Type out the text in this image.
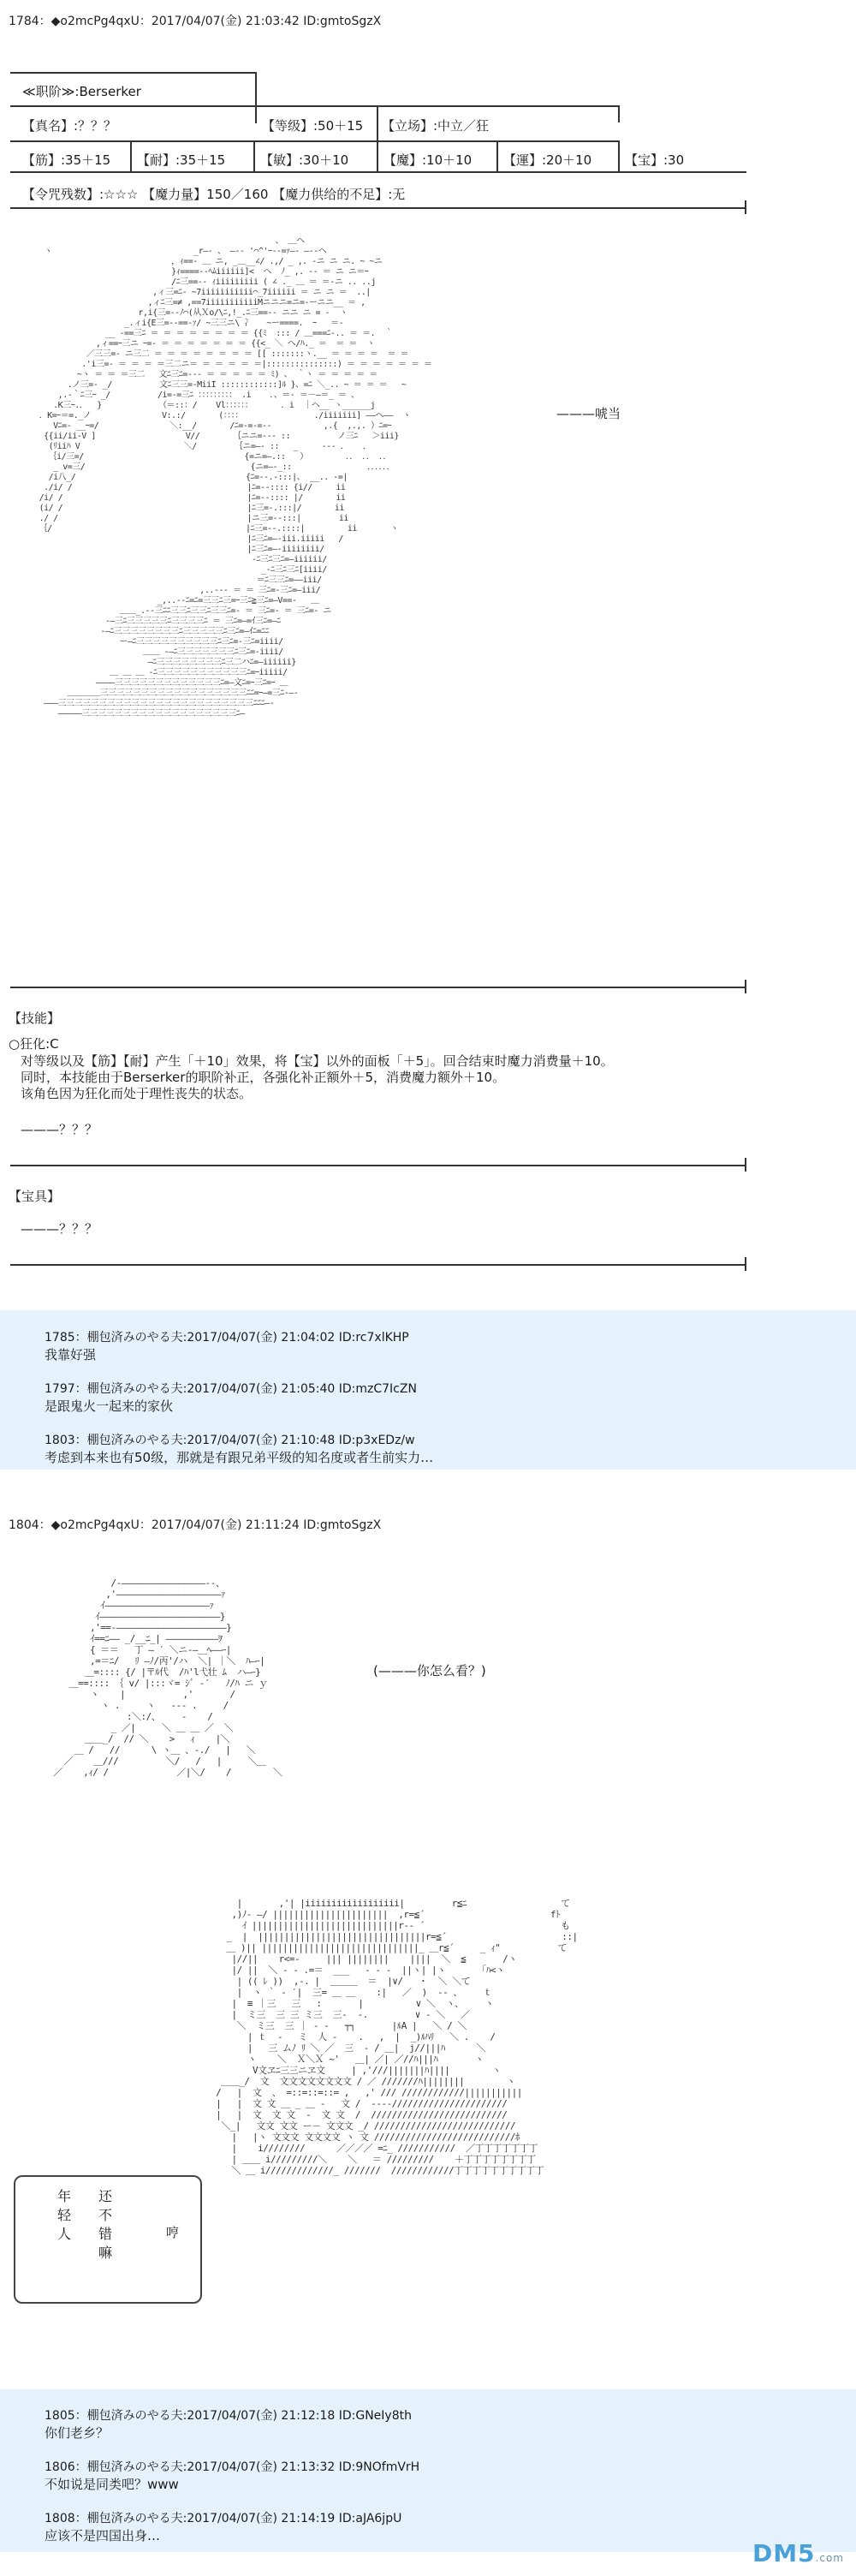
1784：◆o2mcPg4qxU：2017/04/07(金) 21:03:42 ID:gmtoSgzX
≪职阶≫:Berserker
【真名】:？？？	【等级】:50＋15 【立场】:中立／狂
【筋】:35＋15 【耐】:35＋15	【敏】:30＋10	【魔】:10＋10 【運】:20＋10	【宝】:30
【令咒残数】:☆☆☆ 【魔力量】150／160 【魔力供给的不足】:无
、 ＿ヘ
ヽ                              _r―‐ 、 ―‐‐ '⌒^'ｰ‐-=ｧ―- ―‐‐ヘ
，ｨ==‐ ＿ ニ, _＿__∠/ .,/ _ ,. ‐ニ ニ ニ. ~ ~ニ
}ｨ====‐-ﾍﾑiiiiii]<  へ  ﾉ_ ,. -‐ ＝ ニ ニ＝ｰ
/ﾆ三==-‐ ｨiiiiiiiii ( ∠ ._ ＿ ＝ ＝‐ニ .. ..j
,ィ三=ﾆ‐ ~7iiiiiiiiiii⌒_7iiiiii ＝ ニ ニ ＝  ..|
,ィﾆ三=≠ ,==7iiiiiiiiiiiMニニニ=ニ=‐ーニニ__ ＝ ,
r,i{三=-‐ﾉ⌒(从Ｘo/\ﾆ,!_.ﾆ三==-‐ ニニ ニ = ‐  ヽ
_.ィi{E三=-‐==-ｧ/ ~三三ニ\ 冫   ~ー====.  ｰ   ＝‐
__ -==三ﾆ ＝ ＝ ＝ ＝ ＝ ＝ ＝ ＝ {{ﾐ  ::: / ＿===ﾆ‐.. ＝ ＝.  ｀
,ィ==ｰ三ニ ｰ=‐ ＝ ＝ ＝ ＝ ＝ ＝ ＝ {{<_ ＼ ヘ/ﾊ._ ＝  ＝ ＝  ヽ
／三三=‐ ニ三二 ＝ ＝ ＝ ＝ ＝ ＝ ＝ ＝ [[ :::::::ヽ.__ ＝ ＝ ＝ ＝  ＝ ＝
.'i三=‐ ＝ ＝ ＝ ＝三二ニ＝ ＝ ＝ ＝ ＝ ＝|:::::::::::::::) ＝ ＝ ＝ ＝ ＝ ＝ ＝
~ヽ ＝ ＝ ＝三二   文ﾆ三ﾆ=-‐- ＝ ＝ ＝ ＝ ＝ ﾐ) 、 ｀ヽ ＝ ＝ ＝ ＝ ＝
.ノ三=‐ _/          文ﾆ三三=‐MiiI ::::::::::::]ﾙ }、=ﾆ ＼_.. ~ ＝ ＝ ＝   ~
,.-｀ﾆ三ｰ _/          /i=-=三ﾆ ：：：：：：：：： .i    ．、＝‐ ＝－―＝_ ＝ 、
.K三ｰ.．  }            （＝::：/    Vl：：：：：：      ．i  ｜ヘ__ ヽ______j
．K=ｰ＝=._ノ               V:.:/       (：：：：               ./iiiiiii] ――ヘ――  ヽ
Vﾆ=‐ __ｰ=/               ＼:__/       /ﾆ=‐=‐=‐-           ,.{  ,.,. ）ﾆ=ｰ
{{ii/ii-V ]                   V//       ｛ニニ=-‐- ::          ノ三ﾆ   ＞iii}
(ﾘiiﾊ V                      ＼/        ｛ニ=―‐ ::   _     ‐‐- ．   ．
｛i/三=/                                  {=ニ=―.::   ）        ．． ．． ．．
_ v=三/                                   {ニ=―‐_::                ．．．．．．
/i八_/                                    {ﾆ=--.-:::|、 __.. -=|
./i/ /                                     |ﾆ=--:::: {i//     ii
/i/ /                                       |ﾆ=--:::: |/       ii
(i/ /                                       |ﾆ三=-.:::|/       ii
./ /                                        |ニ三=--:::|        ii
｛/                                         |ﾆ三=--.::::|         ii       ヽ
|ﾆ三ﾆ=―‐iii.iiiii   /
|ﾆ三ﾆ=―‐iiiiiiii/
‐ﾆ三ﾆ三ﾆ=―iiiiii/
_-ﾆ三ﾆ三ﾆ[iiii/
＝ﾆ三三ﾆ=――iii/
,..--‐ ＝ ＝ 三ﾆ=‐三ﾆ=―iii/
_,..-‐ﾆ=ﾆ=三三ﾆ三=ｰ三ﾆ≧三ﾆ=―V==-   ＿
＿＿_.--三ﾆﾆ三三ﾆ三三ﾆ三三ﾆ=‐ ＝ 三ﾆ=‐ ＝ 三ﾆ=‐ ニ
-―三ﾆ三三三三三ﾆ三三三三ﾆ ＝ 三ﾆ=―=ｲ三ﾆ=―ﾆ
‐―ﾆ三三三三三三三三ﾆ三三三三三ﾆ三ﾆ=―ｲﾆ=ﾆﾆ
ー―ﾆ三三三三三三三三三三ﾆ三ﾆ=‐三ﾆ=iiii/
＿＿ ‐―ﾆ三三三三三三三ﾆ三ﾆ=‐iiii/
―ﾆ三三三三三三三三ﾆ三二ハﾆ=―iiiiii}
＿ ＿ ＿ ‐ﾆ三三三三三三三三三三三ﾆ=ｰiiiii/
――――三三三三三三三三三三三三三ﾆ=―文ﾆ=ｰ三ﾆ=ｰ ＿
＿＿＿＿三三三三三三三三三三三三三三三三三三ﾆﾆ=ｰ―=三ﾆ‐―‐
―――三三三三三三三三三三三三三三三三三三三三三三三三ﾆﾆﾆ―‐
―――――三三三三三三三三三三三三三三三三三三三ﾆ―
———唬当
【技能】
○狂化:C
对等级以及【筋】【耐】产生「＋10」效果，将【宝】以外的面板「＋5」。回合结束时魔力消费量＋10。
同时，本技能由于Berserker的职阶补正，各强化补正额外＋5，消费魔力额外＋10。
该角色因为狂化而处于理性丧失的状态。
———？？？
【宝具】
———？？？
1785：棚包済みのやる夫:2017/04/07(金) 21:04:02 ID:rc7xlKHP
我靠好强
1797：棚包済みのやる夫:2017/04/07(金) 21:05:40 ID:mzC7IcZN
是跟鬼火一起来的家伙
1803：棚包済みのやる夫:2017/04/07(金) 21:10:48 ID:p3xEDz/w
考虑到本来也有50级，那就是有跟兄弟平级的知名度或者生前实力…
1804：◆o2mcPg4qxU：2017/04/07(金) 21:11:24 ID:gmtoSgzX
/‐――――――――――――――――-‐、
,'――――――――――――――――――――ｧ
ｲ――――――――――――――――――――ｧ
ｲ―――――――――――――――――――――――}
,'==‐―――――――――――――――――――――}
ｲ==ﾆ―― _/__ﾆ_| ――――――――――ｦ
{ ＝＝   丁 ― ′ ＼ニ‐―＿ﾍ――ｰ|
,=＝ﾆ/   ﾘ ―ﾉ/丙'/ハ  ＼| ｜＼  ﾊ―ｰ|
＿=:::: {/ |〒ﾙ代  /ﾊ'l弋壮 ﾑ  ハ―ｰ}
＿==:::: ｛ v/ |:::ヾ= ｼﾞ ‐′   ﾉ/ﾊ ニ ｙ
ヽ    |           ,'       /
ヽ .     ヽ   ‐‐‐ .     /
:＼:/、    ‐    /
_ ／|     ＼ ＿ ＿ ／  ＼
＿＿_/  // ＼    >   ｨ    |＼
＿ /   //      \ ヽ＿ 、‐./   |   ＼
／    ＿///         ＼/   /   |     ＼＿
／    ,ｨ/ /             ／|＼/    /        ＼
(———你怎么看？)
|       ,'| |iiiiiiiiiiiiiiiiii|         r≦ﾆ                  て
,)ﾉ‐ ―/ ||||||||||||||||||||||  ,r=≦´                        fﾄ
ｲ ||||||||||||||||||||||||||||r-‐ ´                          も
_  |  ||||||||||||||||||||||||||||||||r=≦´                      ::|
＿ )|| ||||||||||||||||||||||||||||||_ ＿r≦´     _ ｨ"           て
|//||    r<=-     ||| ||||||||    ||||  ＼  ≦       /ヽ
|/ ||  ＼ - ‐ .=＝  ___   ‐ - ‐  ||ヽ| |ヽ      「ﾊ<ヽ
| (( ﾚ ))  ,-. |  ＿＿＿  ＝  |∨/   ・  ＼ ＼て
|  ヽ ｀ ‐ ′|  三= ＿ ＿    :|   ／  )  -‐ 、    ｔ
|  ≡ ｜三   三   :       |          ∨ ＼  ヽ、    ヽ
|  ミ三  三 三 ミ三  三‐  ‐.         ∨ ‐ ＼   ／
＼  ミ三  三 ｜ - ‐   ┬┐       |ﾙA |   ＼ / ＼
| ｔ  ‐   ミ  人 ‐    .   ,  |  _)ﾙﾊﾘ   ＼ .    /
|   三 ムﾉ ﾘ ＼ ／  三  ‐ / ＿|  j//|||ﾊ      ＼
ヽ    ＼  Ｘ＼Ｘ ~'   ＿| ／| ／//ﾊ|||ﾊ       ヽ
V文ヱﾆ三三ニヱ文     | ,'///|||||||ﾊ||||        ヽ
＿＿_/  文  文文文文文文文文 / ／ ///////ﾊ||||||||        ヽ
/   |  文  、 =::=::=::= ,   ,' /// ////////////|||||||||||
|   |  文 文 ＿ _ ＿ ‐   文 /  ‐‐‐‐//////////////////////
|   |  文  文 文  ‐  文 文  /  //////////////////////////
＼_|   文文 文文 ー－ 文文文 _/ ///////////////////////////
|   |ヽ 文文文 文文文文 ヽ 文 ///////////////////////////ﾎ
|    i////////      ／／／／ =ﾆ_ ///////////  ／丁丁丁丁丁丁丁
| ＿＿ i/////////＼    ＼   ＝ /////////    ＋丁丁丁丁丁丁丁丁
＼ ＿ i/////////////_ ///////  ////////////丁丁丁丁丁丁丁丁丁丁
年
轻
人
还
不
错
嘛
哼
1805：棚包済みのやる夫:2017/04/07(金) 21:12:18 ID:GNeIy8th
你们老乡？
1806：棚包済みのやる夫:2017/04/07(金) 21:13:32 ID:9NOfmVrH
不如说是同类吧？www
1808：棚包済みのやる夫:2017/04/07(金) 21:14:19 ID:aJA6jpU
应该不是四国出身…
DM5.com
